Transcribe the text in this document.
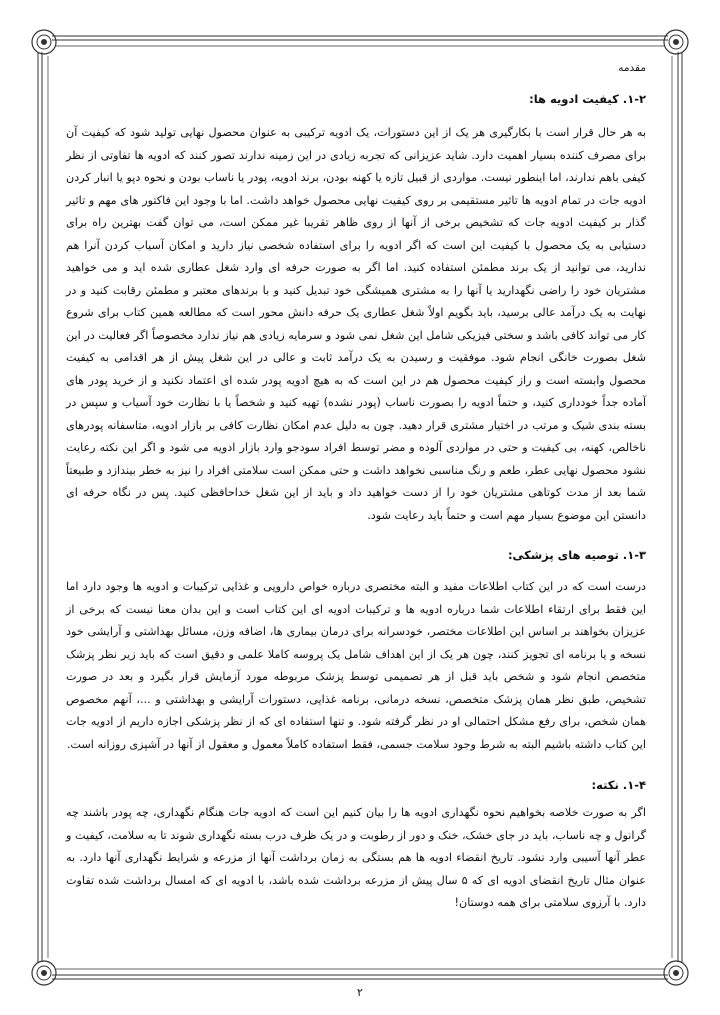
مقدمه
۱-۲. کیفیت ادویه ها:

به هر حال قرار است با بکارگیری هر یک از این دستورات، یک ادویه ترکیبی به عنوان محصول نهایی تولید شود که کیفیت آن برای مصرف کننده بسیار اهمیت دارد. شاید عزیزانی که تجربه زیادی در این زمینه ندارند تصور کنند که ادویه ها تفاوتی از نظر کیفی باهم ندارند، اما اینطور نیست. مواردی از قبیل تازه یا کهنه بودن، برند ادویه، پودر یا ناساب بودن و نحوه دپو یا انبار کردن ادویه جات در تمام ادویه ها تاثیر مستقیمی بر روی کیفیت نهایی محصول خواهد داشت. اما با وجود این فاکتور های مهم و تاثیر گذار بر کیفیت ادویه جات که تشخیص برخی از آنها از روی ظاهر تقریبا غیر ممکن است، می توان گفت بهترین راه برای دستیابی به یک محصول با کیفیت این است که اگر ادویه را برای استفاده شخصی نیاز دارید و امکان آسیاب کردن آنرا هم ندارید، می توانید از یک برند مطمئن استفاده کنید. اما اگر به صورت حرفه ای وارد شغل عطاری شده اید و می خواهید مشتریان خود را راضی نگهدارید یا آنها را به مشتری همیشگی خود تبدیل کنید و با برندهای معتبر و مطمئن رقابت کنید و در نهایت به یک درآمد عالی برسید، باید بگویم اولاً شغل عطاری یک حرفه دانش محور است که مطالعه همین کتاب برای شروع کار می تواند کافی باشد و سختی فیزیکی شامل این شغل نمی شود و سرمایه زیادی هم نیاز ندارد مخصوصاً اگر فعالیت در این شغل بصورت خانگی انجام شود. موفقیت و رسیدن به یک درآمد ثابت و عالی در این شغل پیش از هر اقدامی به کیفیت محصول وابسته است و راز کیفیت محصول هم در این است که به هیچ ادویه پودر شده ای اعتماد نکنید و از خرید پودر های آماده جداً خودداری کنید، و حتماً ادویه را بصورت ناساب (پودر نشده) تهیه کنید و شخصاً یا با نظارت خود آسیاب و سپس در بسته بندی شیک و مرتب در اختیار مشتری قرار دهید. چون به دلیل عدم امکان نظارت کافی بر بازار ادویه، متاسفانه پودرهای ناخالص، کهنه، بی کیفیت و حتی در مواردی آلوده و مضر توسط افراد سودجو وارد بازار ادویه می شود و اگر این نکته رعایت نشود محصول نهایی عطر، طعم و رنگ مناسبی نخواهد داشت و حتی ممکن است سلامتی افراد را نیز به خطر بیندازد و طبیعتاً شما بعد از مدت کوتاهی مشتریان خود را از دست خواهید داد و باید از این شغل خداحافظی کنید. پس در نگاه حرفه ای دانستن این موضوع بسیار مهم است و حتماً باید رعایت شود.

۱-۳. توصیه های پزشکی:

درست است که در این کتاب اطلاعات مفید و البته مختصری درباره خواص دارویی و غذایی ترکیبات و ادویه ها وجود دارد اما این فقط برای ارتقاء اطلاعات شما درباره ادویه ها و ترکیبات ادویه ای این کتاب است و این بدان معنا نیست که برخی از عزیزان بخواهند بر اساس این اطلاعات مختصر، خودسرانه برای درمان بیماری ها، اضافه وزن، مسائل بهداشتی و آرایشی خود نسخه و یا برنامه ای تجویز کنند، چون هر یک از این اهداف شامل یک پروسه کاملا علمی و دقیق است که باید زیر نظر پزشک متخصص انجام شود و شخص باید قبل از هر تصمیمی توسط پزشک مربوطه مورد آزمایش قرار بگیرد و بعد در صورت تشخیص، طبق نظر همان پزشک متخصص، نسخه درمانی، برنامه غذایی، دستورات آرایشی و بهداشتی و ...، آنهم مخصوص همان شخص، برای رفع مشکل احتمالی او در نظر گرفته شود. و تنها استفاده ای که از نظر پزشکی اجازه داریم از ادویه جات این کتاب داشته باشیم البته به شرط وجود سلامت جسمی، فقط استفاده کاملاً معمول و معقول از آنها در آشپزی روزانه است.

۱-۴. نکته:

اگر به صورت خلاصه بخواهیم نحوه نگهداری ادویه ها را بیان کنیم این است که ادویه جات هنگام نگهداری، چه پودر باشند چه گرانول و چه ناساب، باید در جای خشک، خنک و دور از رطوبت و در یک ظرف درب بسته نگهداری شوند تا به سلامت، کیفیت و عطر آنها آسیبی وارد نشود. تاریخ انقضاء ادویه ها هم بستگی به زمان برداشت آنها از مزرعه و شرایط نگهداری آنها دارد. به عنوان مثال تاریخ انقضای ادویه ای که ۵ سال پیش از مزرعه برداشت شده باشد، با ادویه ای که امسال برداشت شده تفاوت دارد. با آرزوی سلامتی برای همه دوستان!

۲
